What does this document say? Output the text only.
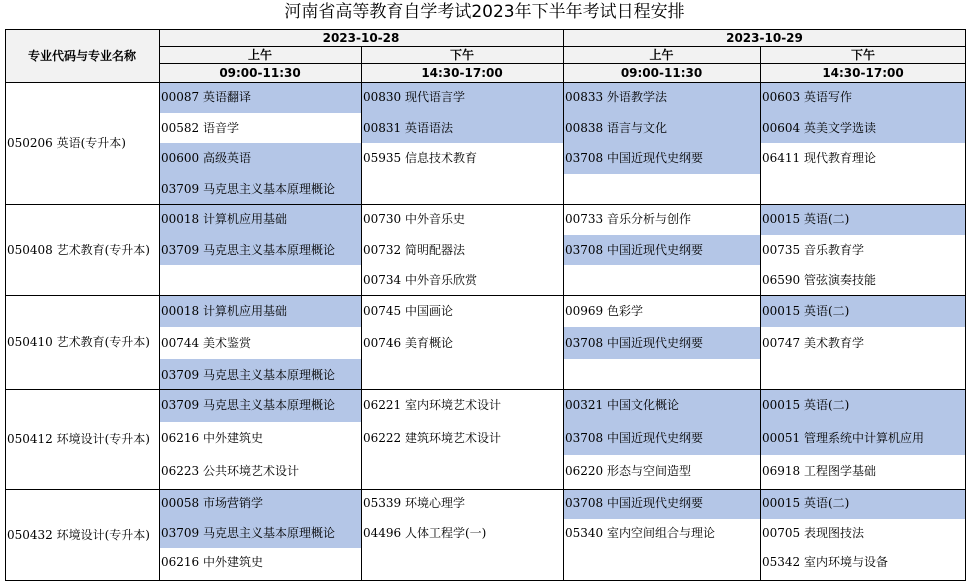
河南省高等教育自学考试2023年下半年考试日程安排
专业代码与专业名称
2023-10-28	2023-10-29
上午
09:00-11:30
下午
14:30-17:00
上午
09:00-11:30
下午
14:30-17:00
050206 英语(专升本)
00087 英语翻译
00582 语音学
00600 高级英语
03709 马克思主义基本原理概论
00830 现代语言学
00831 英语语法
05935 信息技术教育
00833 外语教学法
00838 语言与文化
03708 中国近现代史纲要
00603 英语写作
00604 英美文学选读
06411 现代教育理论
050408 艺术教育(专升本)
00018 计算机应用基础
03709 马克思主义基本原理概论
00730 中外音乐史
00732 简明配器法
00734 中外音乐欣赏
00733 音乐分析与创作
03708 中国近现代史纲要
00015 英语(二)
00735 音乐教育学
06590 管弦演奏技能
050410 艺术教育(专升本)
00018 计算机应用基础
00744 美术鉴赏
03709 马克思主义基本原理概论
00745 中国画论
00746 美育概论
00969 色彩学
03708 中国近现代史纲要
00015 英语(二)
00747 美术教育学
050412 环境设计(专升本)
03709 马克思主义基本原理概论
06216 中外建筑史
06223 公共环境艺术设计
06221 室内环境艺术设计
06222 建筑环境艺术设计
00321 中国文化概论
03708 中国近现代史纲要
06220 形态与空间造型
00015 英语(二)
00051 管理系统中计算机应用
06918 工程图学基础
050432 环境设计(专升本)
00058 市场营销学
03709 马克思主义基本原理概论
06216 中外建筑史
05339 环境心理学
04496 人体工程学(一)
03708 中国近现代史纲要
05340 室内空间组合与理论
00015 英语(二)
00705 表现图技法
05342 室内环境与设备
